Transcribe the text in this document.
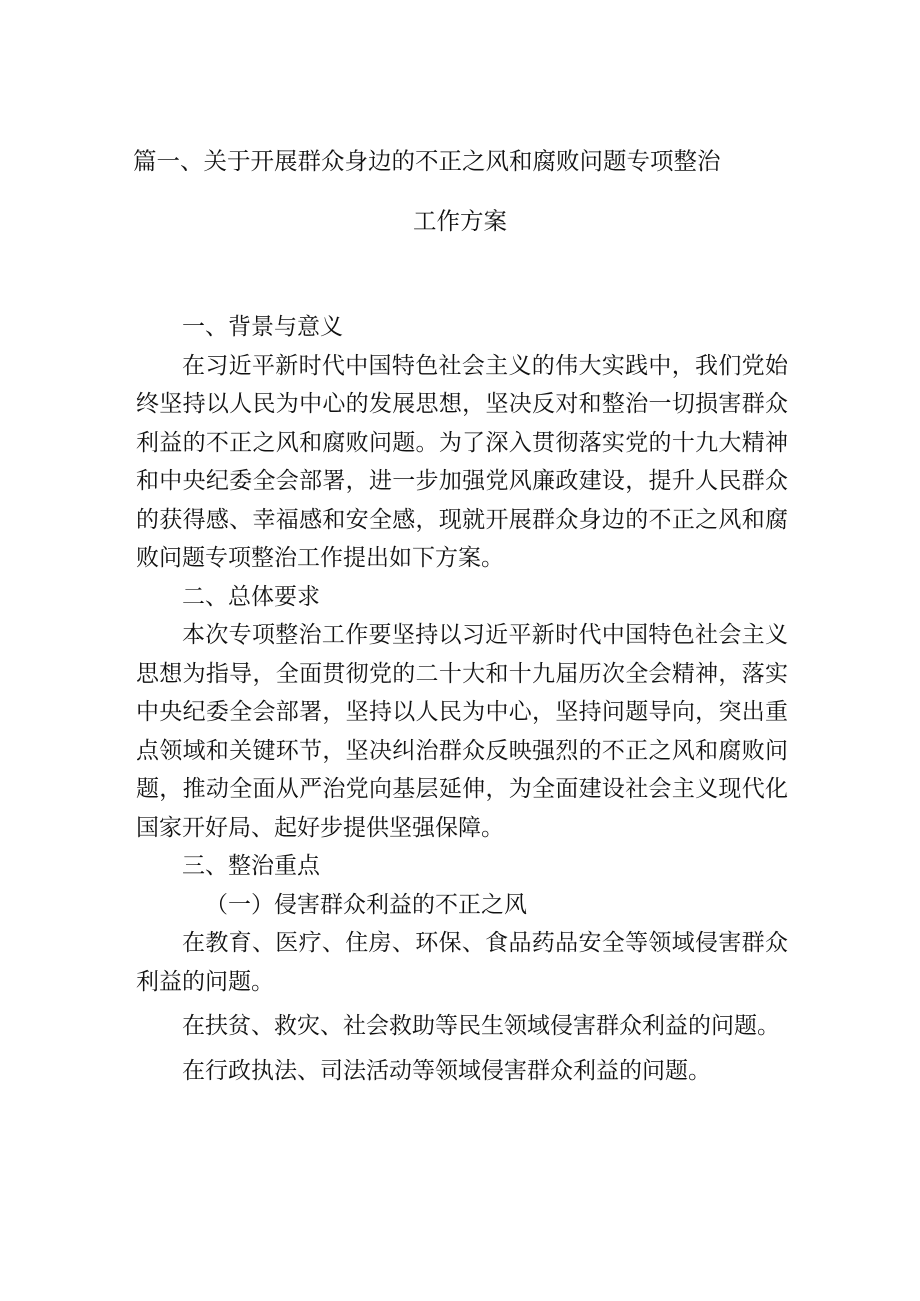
篇一、关于开展群众身边的不正之风和腐败问题专项整治
工作方案

一、背景与意义

在习近平新时代中国特色社会主义的伟大实践中，我们党始终坚持以人民为中心的发展思想，坚决反对和整治一切损害群众利益的不正之风和腐败问题。为了深入贯彻落实党的十九大精神和中央纪委全会部署，进一步加强党风廉政建设，提升人民群众的获得感、幸福感和安全感，现就开展群众身边的不正之风和腐败问题专项整治工作提出如下方案。

二、总体要求

本次专项整治工作要坚持以习近平新时代中国特色社会主义思想为指导，全面贯彻党的二十大和十九届历次全会精神，落实中央纪委全会部署，坚持以人民为中心，坚持问题导向，突出重点领域和关键环节，坚决纠治群众反映强烈的不正之风和腐败问题，推动全面从严治党向基层延伸，为全面建设社会主义现代化国家开好局、起好步提供坚强保障。

三、整治重点

（一）侵害群众利益的不正之风

在教育、医疗、住房、环保、食品药品安全等领域侵害群众利益的问题。

在扶贫、救灾、社会救助等民生领域侵害群众利益的问题。

在行政执法、司法活动等领域侵害群众利益的问题。
